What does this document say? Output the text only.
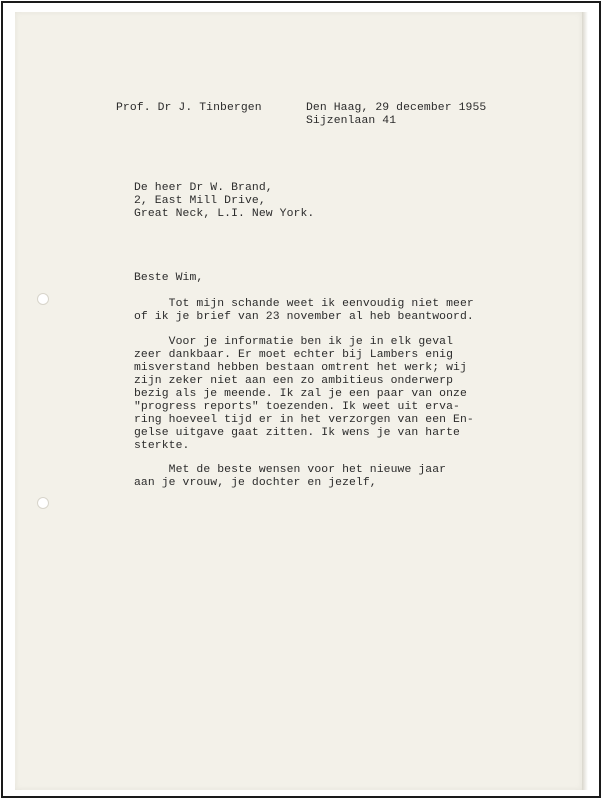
Prof. Dr J. Tinbergen	Den Haag, 29 december 1955
Sijzenlaan 41
De heer Dr W. Brand,
2, East Mill Drive,
Great Neck, L.I. New York.
Beste Wim,
Tot mijn schande weet ik eenvoudig niet meer
of ik je brief van 23 november al heb beantwoord.
Voor je informatie ben ik je in elk geval
zeer dankbaar. Er moet echter bij Lambers enig
misverstand hebben bestaan omtrent het werk; wij
zijn zeker niet aan een zo ambitieus onderwerp
bezig als je meende. Ik zal je een paar van onze
"progress reports" toezenden. Ik weet uit erva-
ring hoeveel tijd er in het verzorgen van een En-
gelse uitgave gaat zitten. Ik wens je van harte
sterkte.
Met de beste wensen voor het nieuwe jaar
aan je vrouw, je dochter en jezelf,
